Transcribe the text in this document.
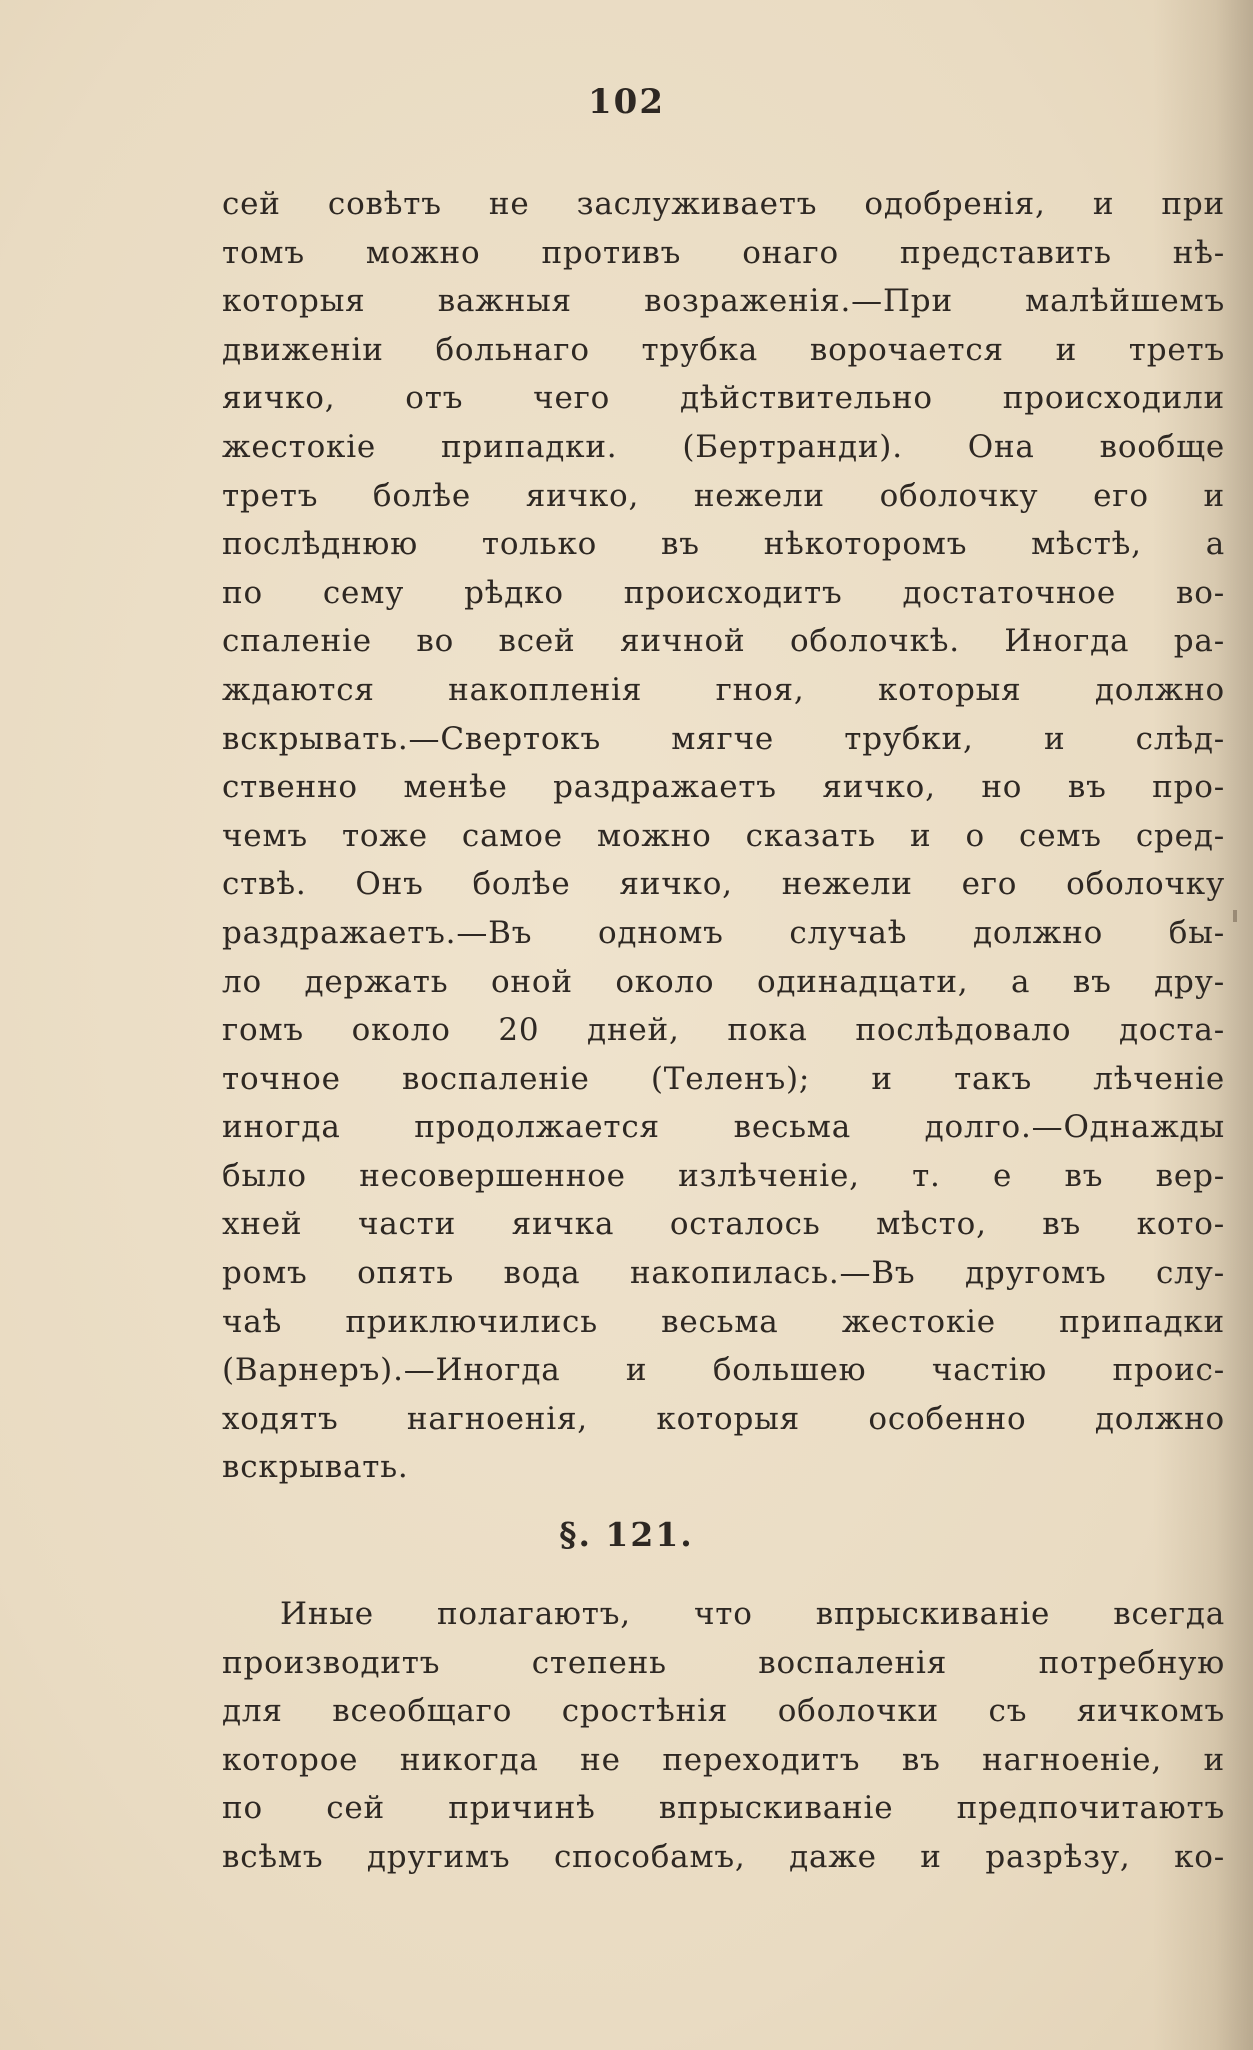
102
сей совѣтъ не заслуживаетъ одобренія, и при
томъ можно противъ онаго представить нѣ-
которыя важныя возраженія.—При малѣйшемъ
движеніи больнаго трубка ворочается и третъ
яичко, отъ чего дѣйствительно происходили
жестокіе припадки. (Бертранди). Она вообще
третъ болѣе яичко, нежели оболочку его и
послѣднюю только въ нѣкоторомъ мѣстѣ, а
по сему рѣдко происходитъ достаточное во-
спаленіе во всей яичной оболочкѣ. Иногда ра-
ждаются накопленія гноя, которыя должно
вскрывать.—Свертокъ мягче трубки, и слѣд-
ственно менѣе раздражаетъ яичко, но въ про-
чемъ тоже самое можно сказать и о семъ сред-
ствѣ. Онъ болѣе яичко, нежели его оболочку
раздражаетъ.—Въ одномъ случаѣ должно бы-
ло держать оной около одинадцати, а въ дру-
гомъ около 20 дней, пока послѣдовало доста-
точное воспаленіе (Теленъ); и такъ лѣченіе
иногда продолжается весьма долго.—Однажды
было несовершенное излѣченіе, т. е въ вер-
хней части яичка осталось мѣсто, въ кото-
ромъ опять вода накопилась.—Въ другомъ слу-
чаѣ приключились весьма жестокіе припадки
(Варнеръ).—Иногда и большею частію проис-
ходятъ нагноенія, которыя особенно должно
вскрывать.
§. 121.
Иные полагаютъ, что впрыскиваніе всегда
производитъ степень воспаленія потребную
для всеобщаго сростѣнія оболочки съ яичкомъ
которое никогда не переходитъ въ нагноеніе, и
по сей причинѣ впрыскиваніе предпочитаютъ
всѣмъ другимъ способамъ, даже и разрѣзу, ко-
